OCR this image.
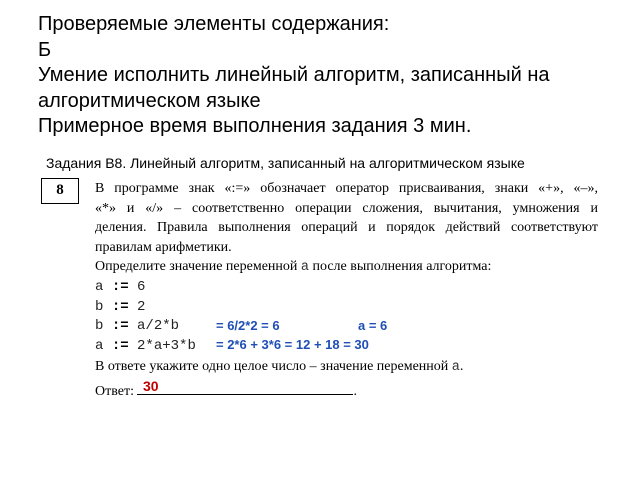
Проверяемые элементы содержания:
Б
Умение исполнить линейный алгоритм, записанный на
алгоритмическом языке
Примерное время выполнения задания 3 мин.
Задания B8. Линейный алгоритм, записанный на алгоритмическом языке
8	В программе знак «:=» обозначает оператор присваивания, знаки «+», «–»,
«*» и «/» – соответственно операции сложения, вычитания, умножения и
деления. Правила выполнения операций и порядок действий соответствуют
правилам арифметики.
Определите значение переменной a после выполнения алгоритма:
a := 6
b := 2
b := a/2*b
a := 2*a+3*b
= 6/2*2 = 6	a = 6
= 2*6 + 3*6 = 12 + 18 = 30
В ответе укажите одно целое число – значение переменной a.
Ответ:	.
30
